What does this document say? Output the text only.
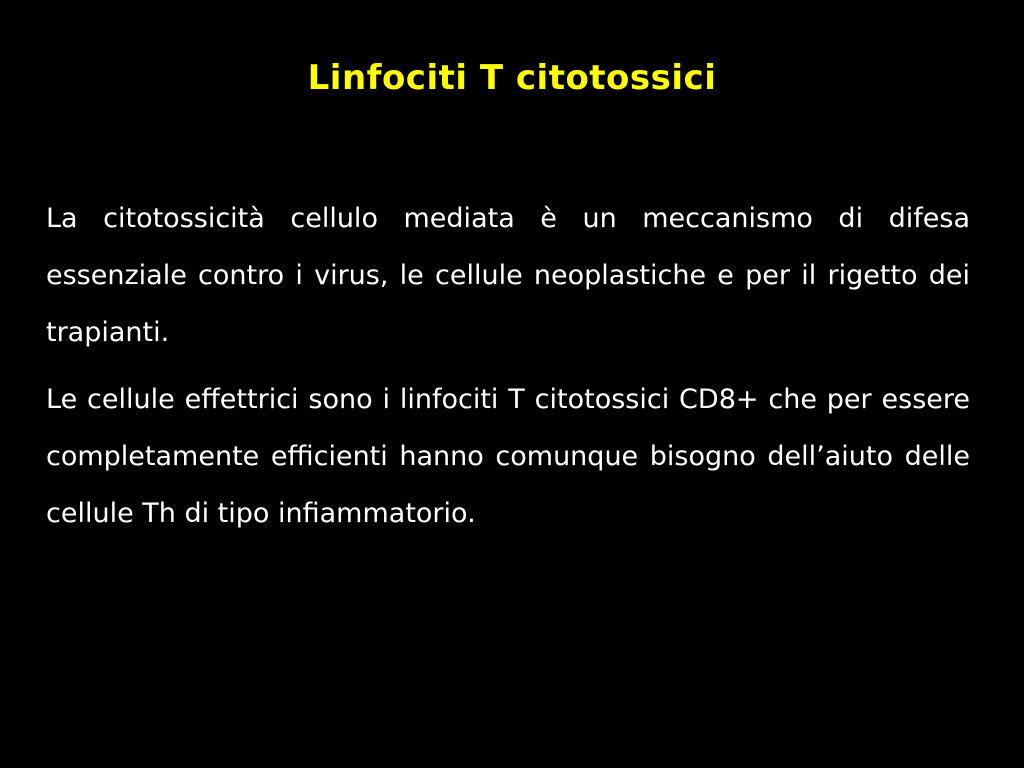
Linfociti T citotossici

La citotossicità cellulo mediata è un meccanismo di difesa essenziale contro i virus, le cellule neoplastiche e per il rigetto dei trapianti.

Le cellule effettrici sono i linfociti T citotossici CD8+ che per essere completamente efficienti hanno comunque bisogno dell’aiuto delle cellule Th di tipo infiammatorio.
